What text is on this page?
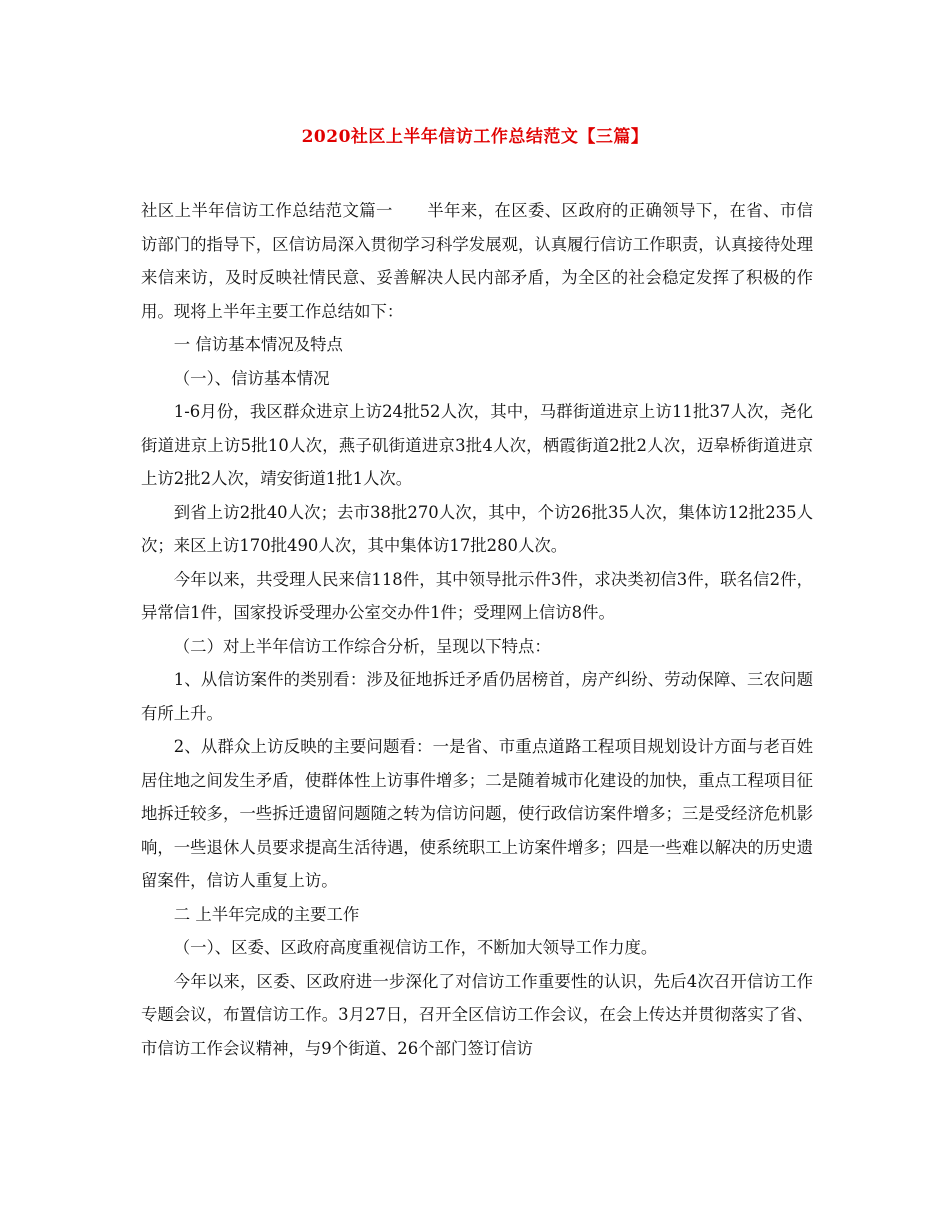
2020社区上半年信访工作总结范文【三篇】

社区上半年信访工作总结范文篇一 半年来，在区委、区政府的正确领导下，在省、市信访部门的指导下，区信访局深入贯彻学习科学发展观，认真履行信访工作职责，认真接待处理来信来访，及时反映社情民意、妥善解决人民内部矛盾，为全区的社会稳定发挥了积极的作用。现将上半年主要工作总结如下：

一 信访基本情况及特点

（一）、信访基本情况

1-6月份，我区群众进京上访24批52人次，其中，马群街道进京上访11批37人次，尧化街道进京上访5批10人次，燕子矶街道进京3批4人次，栖霞街道2批2人次，迈皋桥街道进京上访2批2人次，靖安街道1批1人次。

到省上访2批40人次；去市38批270人次，其中，个访26批35人次，集体访12批235人次；来区上访170批490人次，其中集体访17批280人次。

今年以来，共受理人民来信118件，其中领导批示件3件，求决类初信3件，联名信2件，异常信1件，国家投诉受理办公室交办件1件；受理网上信访8件。

（二）对上半年信访工作综合分析，呈现以下特点：

1、从信访案件的类别看：涉及征地拆迁矛盾仍居榜首，房产纠纷、劳动保障、三农问题有所上升。

2、从群众上访反映的主要问题看：一是省、市重点道路工程项目规划设计方面与老百姓居住地之间发生矛盾，使群体性上访事件增多；二是随着城市化建设的加快，重点工程项目征地拆迁较多，一些拆迁遗留问题随之转为信访问题，使行政信访案件增多；三是受经济危机影响，一些退休人员要求提高生活待遇，使系统职工上访案件增多；四是一些难以解决的历史遗留案件，信访人重复上访。

二 上半年完成的主要工作

（一）、区委、区政府高度重视信访工作，不断加大领导工作力度。

今年以来，区委、区政府进一步深化了对信访工作重要性的认识，先后4次召开信访工作专题会议，布置信访工作。3月27日，召开全区信访工作会议，在会上传达并贯彻落实了省、市信访工作会议精神，与9个街道、26个部门签订信访
